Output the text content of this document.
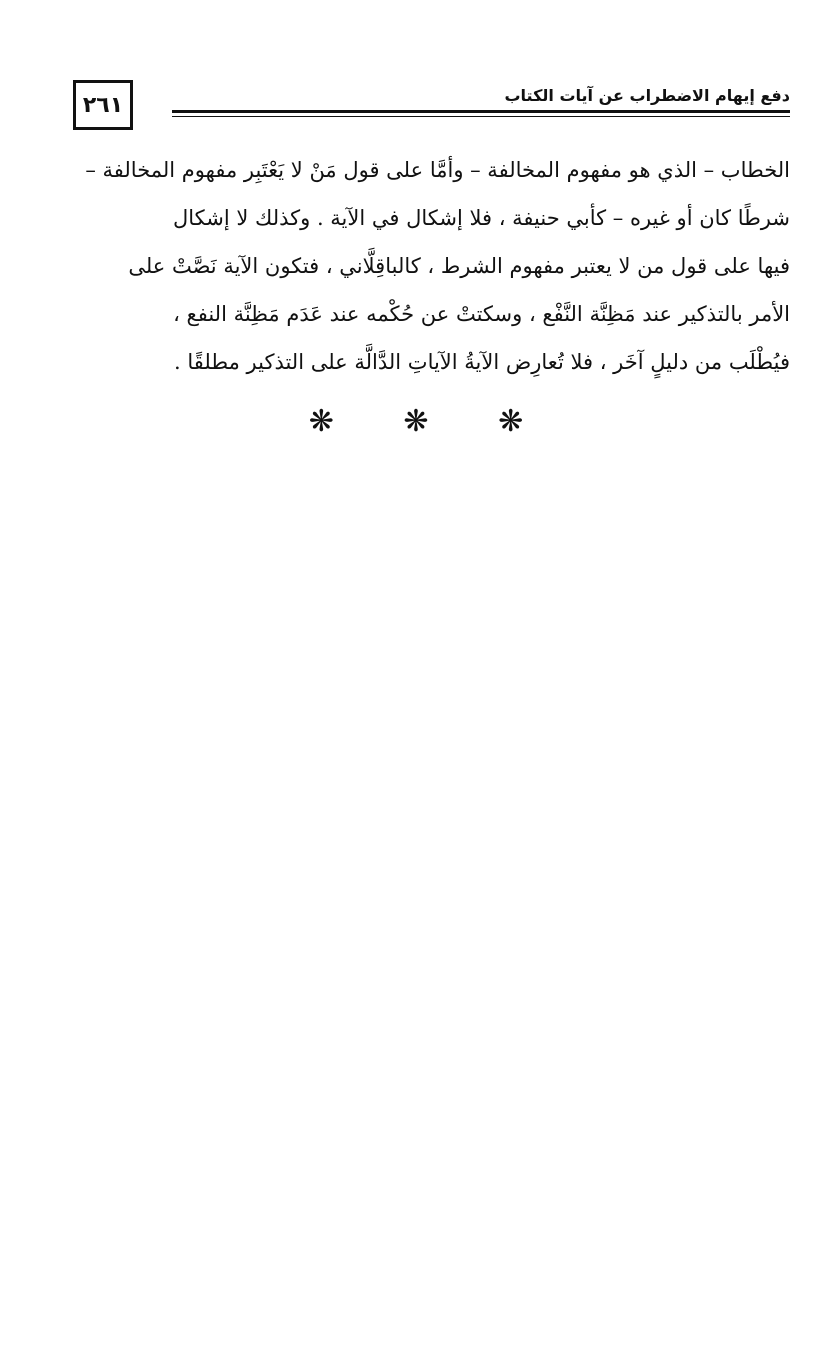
٢٦١	دفع إيهام الاضطراب عن آيات الكتاب
الخطاب – الذي هو مفهوم المخالفة – وأمَّا على قول مَنْ لا يَعْتَبِر مفهوم المخالفة –
شرطًا كان أو غيره – كأبي حنيفة ، فلا إشكال في الآية . وكذلك لا إشكال
فيها على قول من لا يعتبر مفهوم الشرط ، كالباقِلَّاني ، فتكون الآية نَصَّتْ على
الأمر بالتذكير عند مَظِنَّة النَّفْع ، وسكتتْ عن حُكْمه عند عَدَم مَظِنَّة النفع ،
فيُطْلَب من دليلٍ آخَر ، فلا تُعارِض الآيةُ الآياتِ الدَّالَّة على التذكير مطلقًا .
❋ ❋ ❋
